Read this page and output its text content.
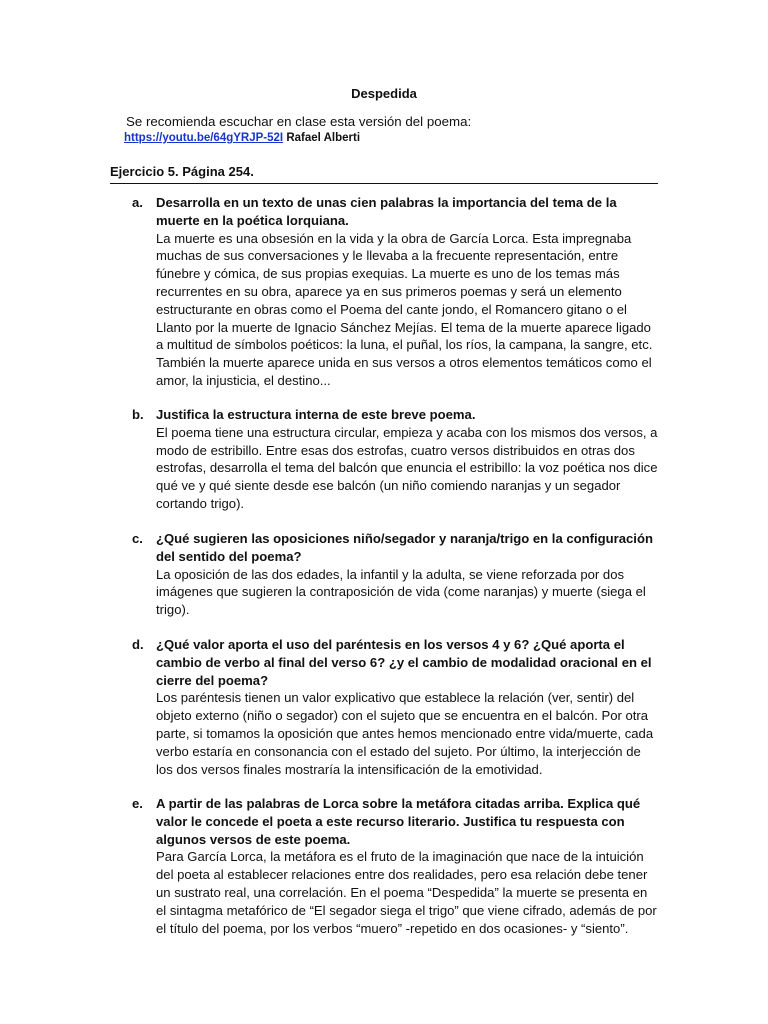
Despedida
Se recomienda escuchar en clase esta versión del poema:
https://youtu.be/64gYRJP-52I Rafael Alberti
Ejercicio 5. Página 254.
a. Desarrolla en un texto de unas cien palabras la importancia del tema de la muerte en la poética lorquiana.
La muerte es una obsesión en la vida y la obra de García Lorca. Esta impregnaba muchas de sus conversaciones y le llevaba a la frecuente representación, entre fúnebre y cómica, de sus propias exequias. La muerte es uno de los temas más recurrentes en su obra, aparece ya en sus primeros poemas y será un elemento estructurante en obras como el Poema del cante jondo, el Romancero gitano o el Llanto por la muerte de Ignacio Sánchez Mejías. El tema de la muerte aparece ligado a multitud de símbolos poéticos: la luna, el puñal, los ríos, la campana, la sangre, etc. También la muerte aparece unida en sus versos a otros elementos temáticos como el amor, la injusticia, el destino...
b. Justifica la estructura interna de este breve poema.
El poema tiene una estructura circular, empieza y acaba con los mismos dos versos, a modo de estribillo. Entre esas dos estrofas, cuatro versos distribuidos en otras dos estrofas, desarrolla el tema del balcón que enuncia el estribillo: la voz poética nos dice qué ve y qué siente desde ese balcón (un niño comiendo naranjas y un segador cortando trigo).
c. ¿Qué sugieren las oposiciones niño/segador y naranja/trigo en la configuración del sentido del poema?
La oposición de las dos edades, la infantil y la adulta, se viene reforzada por dos imágenes que sugieren la contraposición de vida (come naranjas) y muerte (siega el trigo).
d. ¿Qué valor aporta el uso del paréntesis en los versos 4 y 6? ¿Qué aporta el cambio de verbo al final del verso 6? ¿y el cambio de modalidad oracional en el cierre del poema?
Los paréntesis tienen un valor explicativo que establece la relación (ver, sentir) del objeto externo (niño o segador) con el sujeto que se encuentra en el balcón. Por otra parte, si tomamos la oposición que antes hemos mencionado entre vida/muerte, cada verbo estaría en consonancia con el estado del sujeto. Por último, la interjección de los dos versos finales mostraría la intensificación de la emotividad.
e. A partir de las palabras de Lorca sobre la metáfora citadas arriba. Explica qué valor le concede el poeta a este recurso literario. Justifica tu respuesta con algunos versos de este poema.
Para García Lorca, la metáfora es el fruto de la imaginación que nace de la intuición del poeta al establecer relaciones entre dos realidades, pero esa relación debe tener un sustrato real, una correlación. En el poema “Despedida” la muerte se presenta en el sintagma metafórico de “El segador siega el trigo” que viene cifrado, además de por el título del poema, por los verbos “muero” -repetido en dos ocasiones- y “siento”.
